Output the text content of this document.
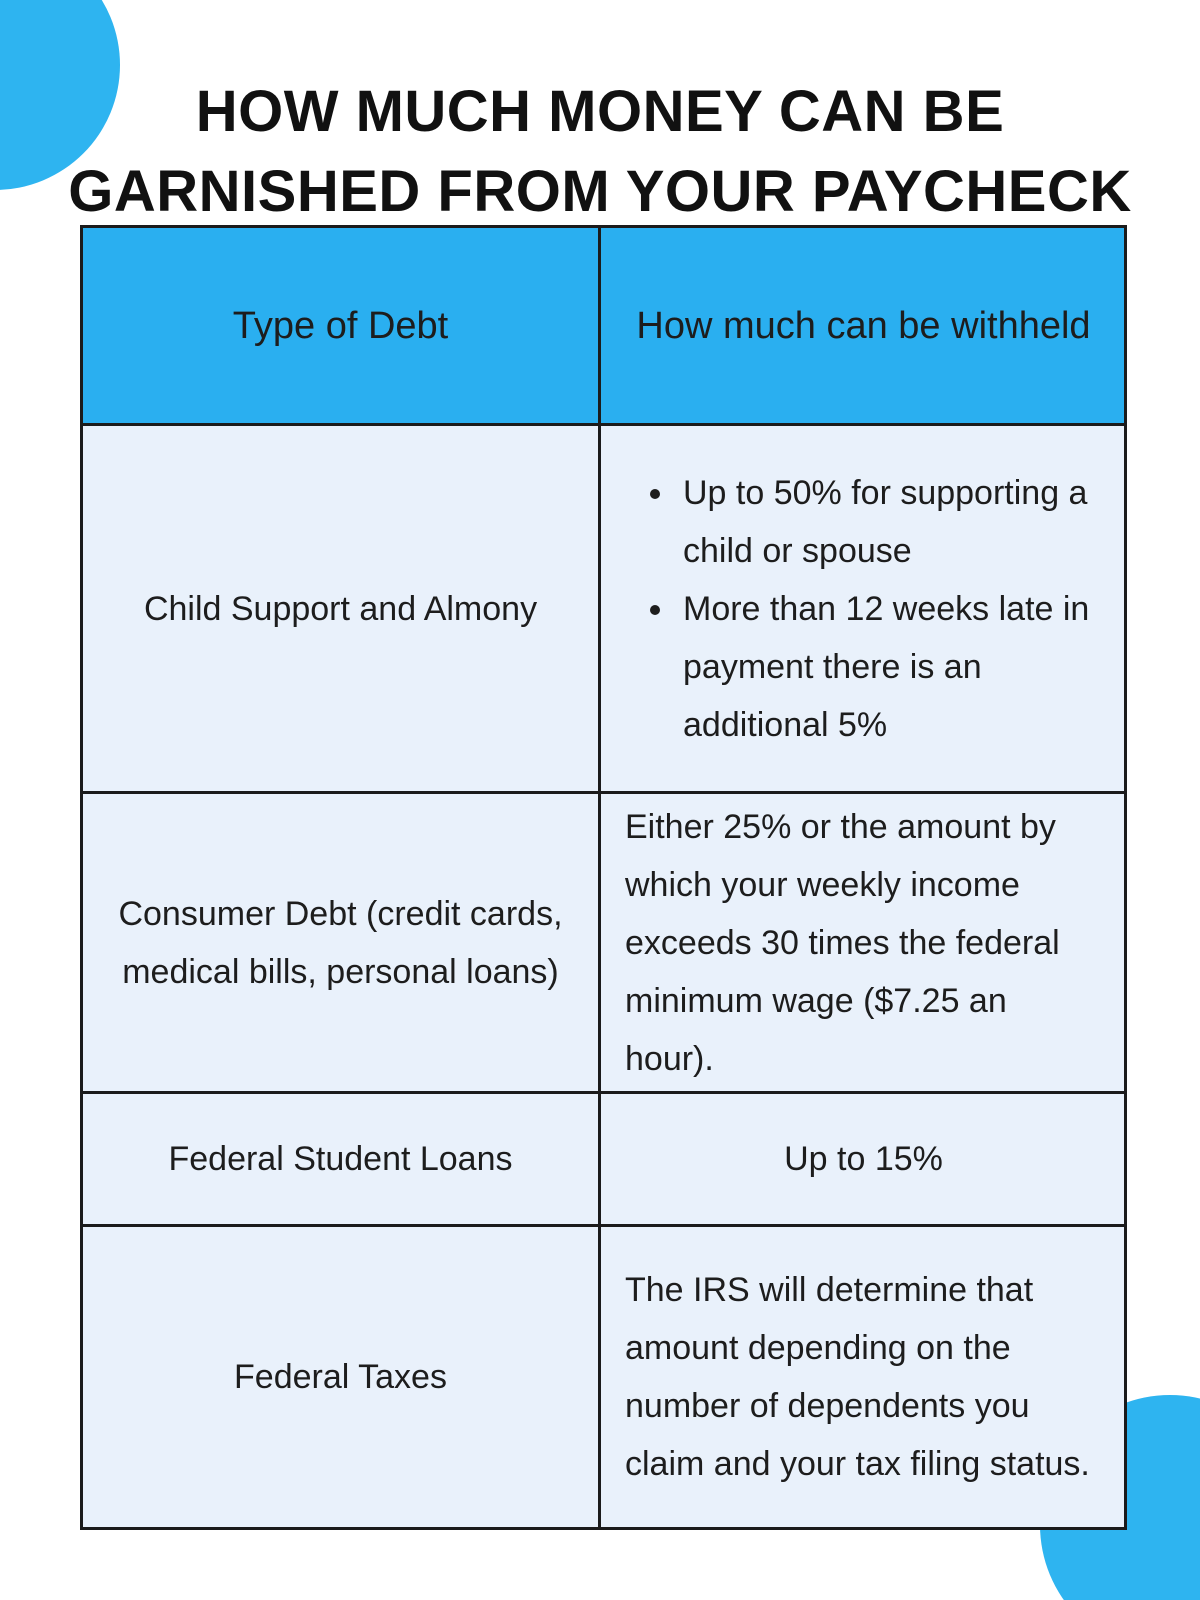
HOW MUCH MONEY CAN BE
GARNISHED FROM YOUR PAYCHECK
Type of Debt	How much can be withheld
Child Support and Almony
• Up to 50% for supporting a child or spouse
• More than 12 weeks late in payment there is an additional 5%
Consumer Debt (credit cards, medical bills, personal loans)

Either 25% or the amount by which your weekly income exceeds 30 times the federal minimum wage ($7.25 an hour).

Federal Student Loans	Up to 15%

Federal Taxes

The IRS will determine that amount depending on the number of dependents you claim and your tax filing status.
